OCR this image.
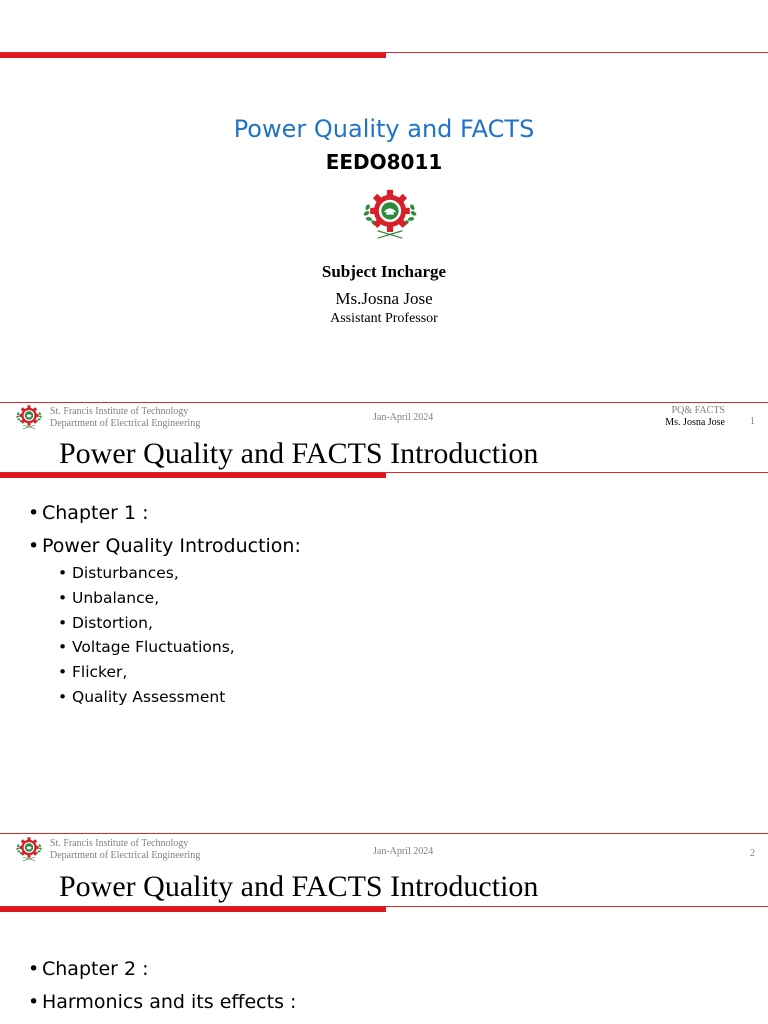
Power Quality and FACTS
EEDO8011
Subject Incharge
Ms.Josna Jose
Assistant Professor
St. Francis Institute of Technology
Department of Electrical Engineering
Jan-April 2024
PQ& FACTS
Ms. Josna Jose	1
Power Quality and FACTS Introduction
• Chapter 1 :
• Power Quality Introduction:
• Disturbances,
• Unbalance,
• Distortion,
• Voltage Fluctuations,
• Flicker,
• Quality Assessment
St. Francis Institute of Technology
Department of Electrical Engineering	Jan-April 2024	2
Power Quality and FACTS Introduction
• Chapter 2 :
• Harmonics and its effects :
